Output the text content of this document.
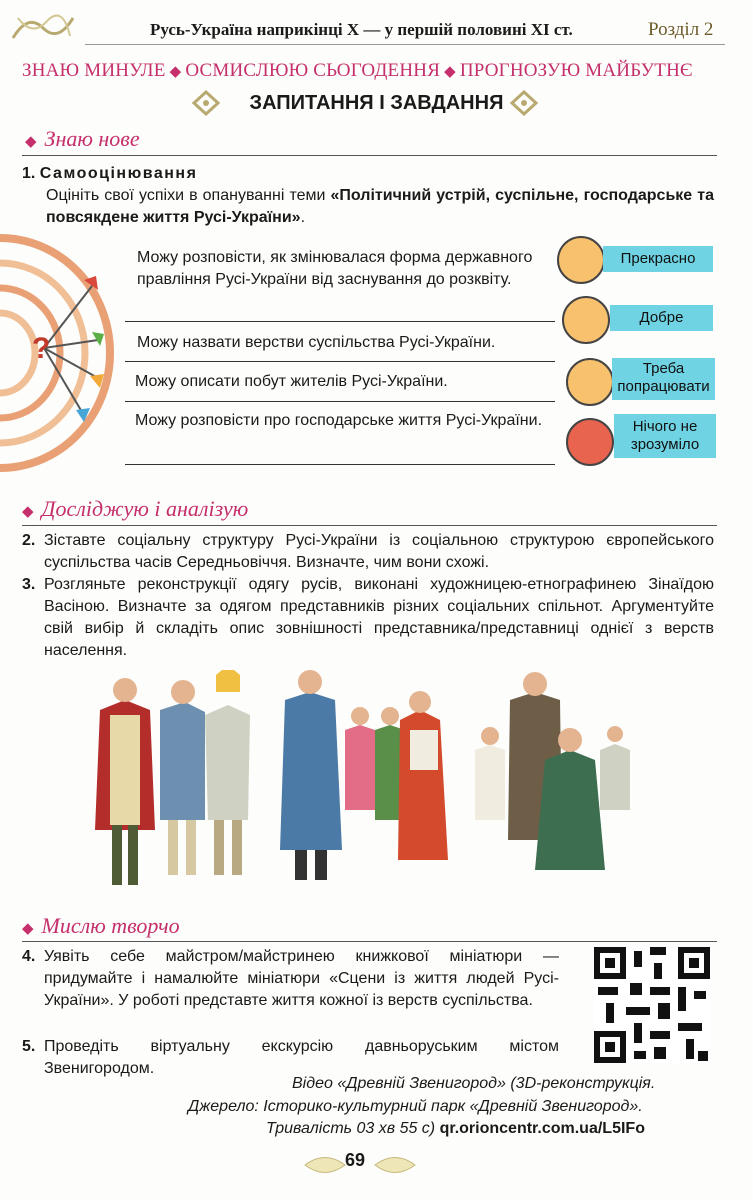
Русь-Україна наприкінці X — у першій половині XI ст.	Розділ 2
ЗНАЮ МИНУЛЕ ◆ ОСМИСЛЮЮ СЬОГОДЕННЯ ◆ ПРОГНОЗУЮ МАЙБУТНЄ
ЗАПИТАННЯ І ЗАВДАННЯ
◆ Знаю нове
1. Самооцінювання
Оцініть свої успіхи в опануванні теми «Політичний устрій, суспільне, господарське та повсякдене життя Русі-України».
?
Можу розповісти, як змінювалася форма державного правління Русі-України від заснування до розквіту.
Можу назвати верстви суспільства Русі-України.
Можу описати побут жителів Русі-України.
Можу розповісти про господарське життя Русі-України.
Прекрасно
Добре
Треба попрацювати
Нічого не зрозуміло
◆ Досліджую і аналізую
2. Зіставте соціальну структуру Русі-України із соціальною структурою європейського суспільства часів Середньовіччя. Визначте, чим вони схожі.
3. Розгляньте реконструкції одягу русів, виконані художницею-етнографинею Зінаїдою Васіною. Визначте за одягом представників різних соціальних спільнот. Аргументуйте свій вибір й складіть опис зовнішності представника/представниці однієї з верств населення.
◆ Мислю творчо
4. Уявіть себе майстром/майстринею книжкової мініатюри — придумайте і намалюйте мініатюри «Сцени із життя людей Русі-України». У роботі представте життя кожної із верств суспільства.
5. Проведіть віртуальну екскурсію давньоруським містом Звенигородом.
Відео «Древній Звенигород» (3D-реконструкція.
Джерело: Історико-культурний парк «Древній Звенигород».
Тривалість 03 хв 55 с) qr.orioncentr.com.ua/L5IFo
69
